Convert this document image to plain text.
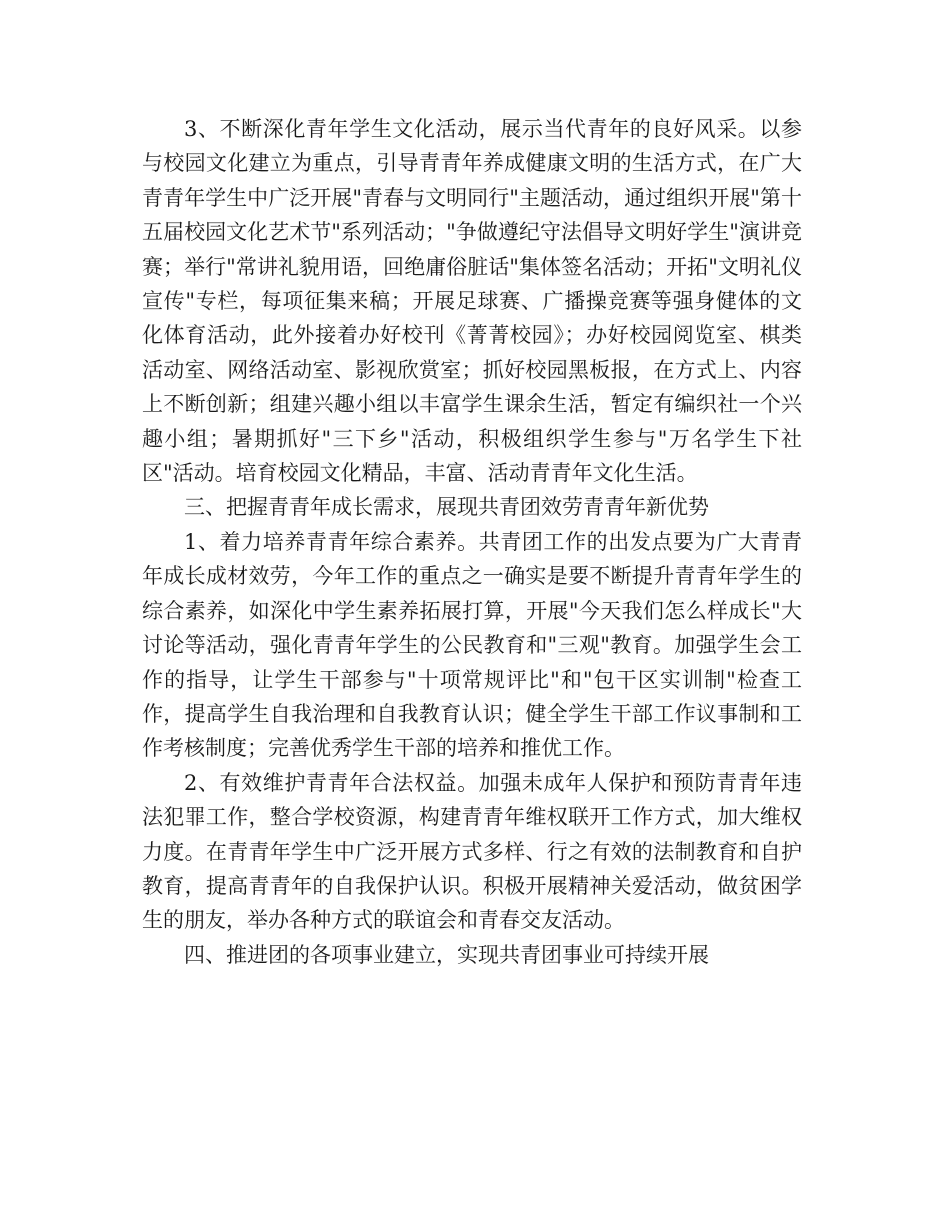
3、不断深化青年学生文化活动，展示当代青年的良好风采。以参与校园文化建立为重点，引导青青年养成健康文明的生活方式，在广大青青年学生中广泛开展"青春与文明同行"主题活动，通过组织开展"第十五届校园文化艺术节"系列活动；"争做遵纪守法倡导文明好学生"演讲竞赛；举行"常讲礼貌用语，回绝庸俗脏话"集体签名活动；开拓"文明礼仪宣传"专栏，每项征集来稿；开展足球赛、广播操竞赛等强身健体的文化体育活动，此外接着办好校刊《菁菁校园》；办好校园阅览室、棋类活动室、网络活动室、影视欣赏室；抓好校园黑板报，在方式上、内容上不断创新；组建兴趣小组以丰富学生课余生活，暂定有编织社一个兴趣小组；暑期抓好"三下乡"活动，积极组织学生参与"万名学生下社区"活动。培育校园文化精品，丰富、活动青青年文化生活。

三、把握青青年成长需求，展现共青团效劳青青年新优势

1、着力培养青青年综合素养。共青团工作的出发点要为广大青青年成长成材效劳，今年工作的重点之一确实是要不断提升青青年学生的综合素养，如深化中学生素养拓展打算，开展"今天我们怎么样成长"大讨论等活动，强化青青年学生的公民教育和"三观"教育。加强学生会工作的指导，让学生干部参与"十项常规评比"和"包干区实训制"检查工作，提高学生自我治理和自我教育认识；健全学生干部工作议事制和工作考核制度；完善优秀学生干部的培养和推优工作。

2、有效维护青青年合法权益。加强未成年人保护和预防青青年违法犯罪工作，整合学校资源，构建青青年维权联开工作方式，加大维权力度。在青青年学生中广泛开展方式多样、行之有效的法制教育和自护教育，提高青青年的自我保护认识。积极开展精神关爱活动，做贫困学生的朋友，举办各种方式的联谊会和青春交友活动。

四、推进团的各项事业建立，实现共青团事业可持续开展
